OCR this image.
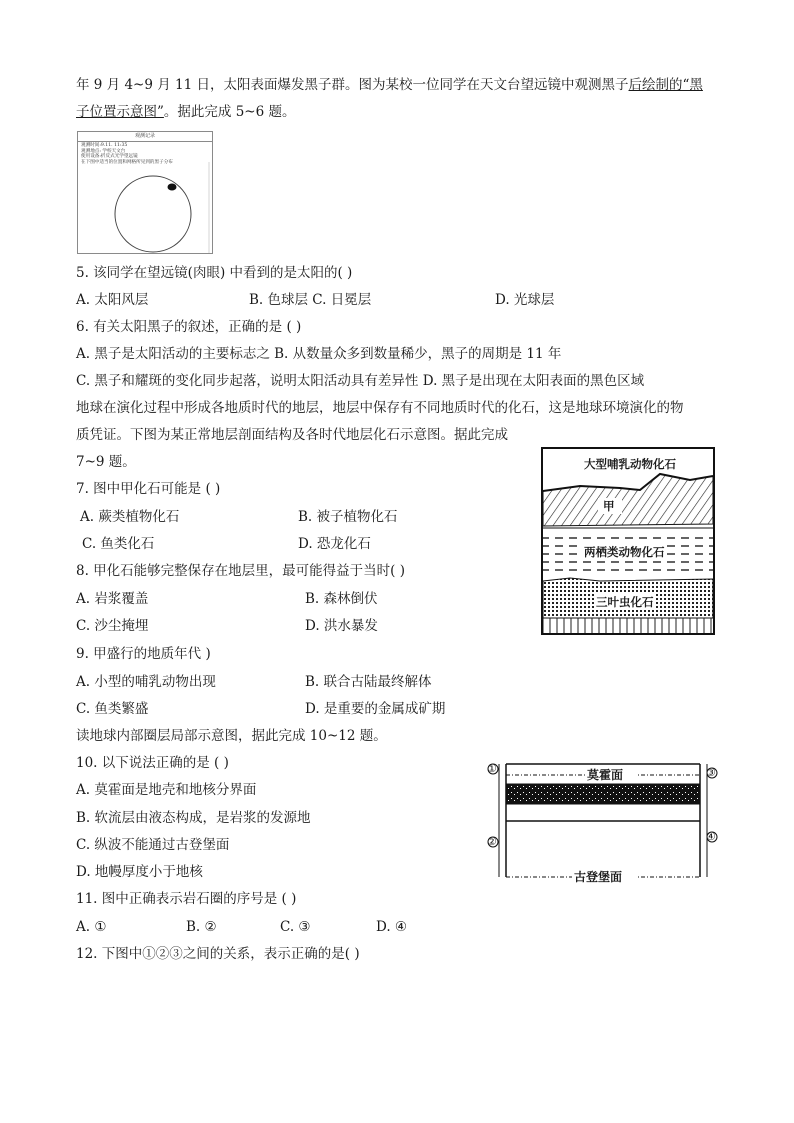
年 9 月 4~9 月 11 日，太阳表面爆发黑子群。图为某校一位同学在天文台望远镜中观测黑子后绘制的“黑
子位置示意图”。据此完成 5~6 题。
观测记录
观测时间:9.11. 11:35
观测地点: 学校天文台
使用设备:折反式光学望远镜
在下图中适当的位置和网格所见到的黑子分布
5. 该同学在望远镜(肉眼) 中看到的是太阳的( )
A. 太阳风层	B. 色球层 C. 日冕层	D. 光球层
6. 有关太阳黑子的叙述，正确的是 ( )
A. 黑子是太阳活动的主要标志之 B. 从数量众多到数量稀少，黑子的周期是 11 年
C. 黑子和耀斑的变化同步起落，说明太阳活动具有差异性 D. 黑子是出现在太阳表面的黑色区域
地球在演化过程中形成各地质时代的地层，地层中保存有不同地质时代的化石，这是地球环境演化的物
质凭证。下图为某正常地层剖面结构及各时代地层化石示意图。据此完成
7~9 题。	大型哺乳动物化石
甲
两栖类动物化石
三叶虫化石
7. 图中甲化石可能是 ( )
A. 蕨类植物化石	B. 被子植物化石
C. 鱼类化石	D. 恐龙化石
8. 甲化石能够完整保存在地层里，最可能得益于当时( )
A. 岩浆覆盖	B. 森林倒伏
C. 沙尘掩埋	D. 洪水暴发
9. 甲盛行的地质年代 )
A. 小型的哺乳动物出现	B. 联合古陆最终解体
C. 鱼类繁盛	D. 是重要的金属成矿期
读地球内部圈层局部示意图，据此完成 10~12 题。
莫霍面
古登堡面
①
②
③
④
10. 以下说法正确的是 ( )
A. 莫霍面是地壳和地核分界面
B. 软流层由液态构成，是岩浆的发源地
C. 纵波不能通过古登堡面
D. 地幔厚度小于地核
11. 图中正确表示岩石圈的序号是 ( )
A. ①	B. ②	C. ③	D. ④
12. 下图中①②③之间的关系，表示正确的是( )
